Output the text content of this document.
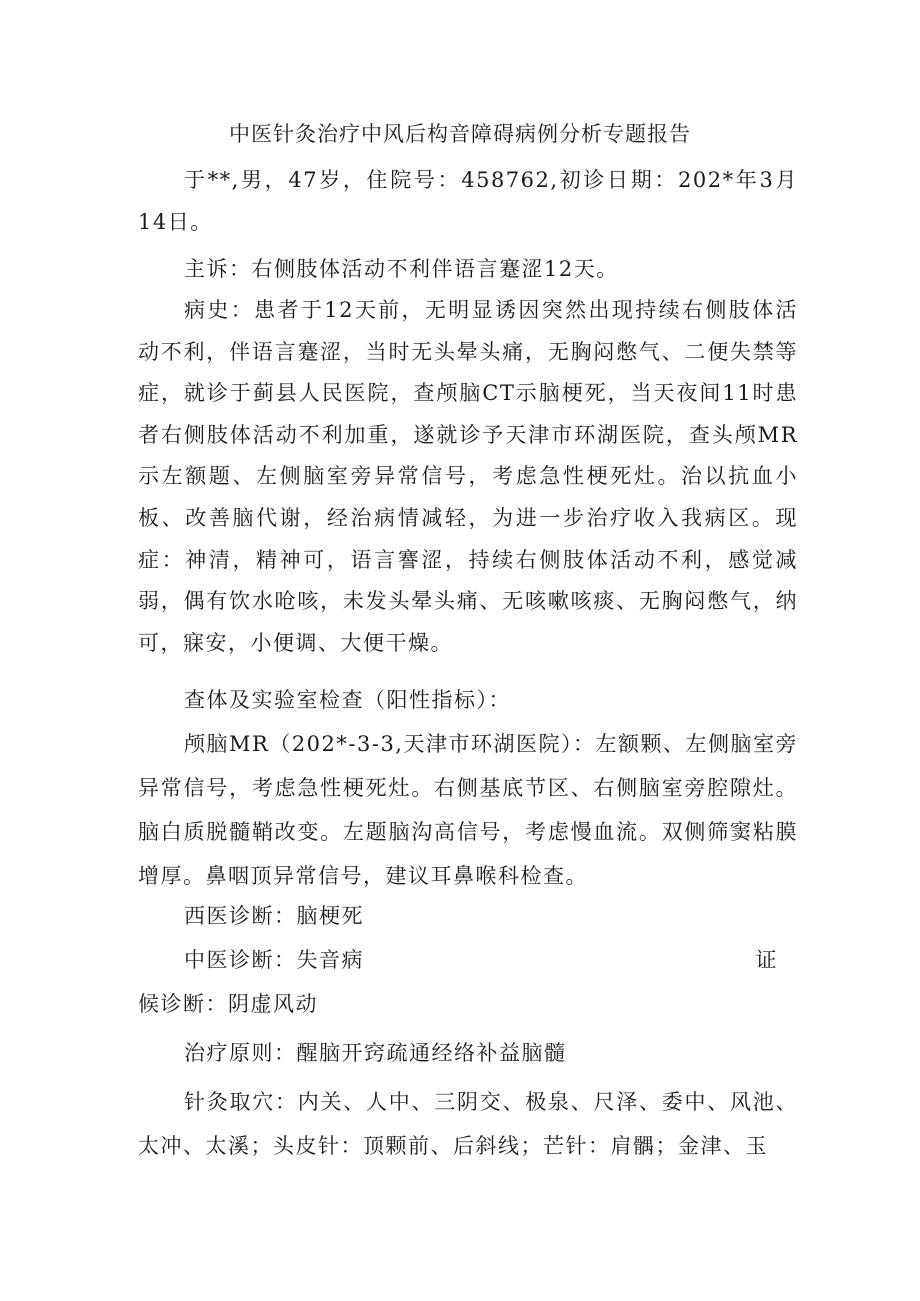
中医针灸治疗中风后构音障碍病例分析专题报告

于**,男，47岁，住院号：458762,初诊日期：202*年3月14日。

主诉：右侧肢体活动不利伴语言蹇涩12天。

病史：患者于12天前，无明显诱因突然出现持续右侧肢体活动不利，伴语言蹇涩，当时无头晕头痛，无胸闷憋气、二便失禁等症，就诊于蓟县人民医院，查颅脑CT示脑梗死，当天夜间11时患者右侧肢体活动不利加重，遂就诊予天津市环湖医院，查头颅MR示左额题、左侧脑室旁异常信号，考虑急性梗死灶。治以抗血小板、改善脑代谢，经治病情减轻，为进一步治疗收入我病区。现症：神清，精神可，语言謇涩，持续右侧肢体活动不利，感觉减弱，偶有饮水呛咳，未发头晕头痛、无咳嗽咳痰、无胸闷憋气，纳可，寐安，小便调、大便干燥。

查体及实验室检查（阳性指标）：

颅脑MR（202*-3-3,天津市环湖医院）：左额颗、左侧脑室旁异常信号，考虑急性梗死灶。右侧基底节区、右侧脑室旁腔隙灶。脑白质脱髓鞘改变。左题脑沟高信号，考虑慢血流。双侧筛窦粘膜增厚。鼻咽顶异常信号，建议耳鼻喉科检查。

西医诊断：脑梗死

中医诊断：失音病	证
候诊断：阴虚风动

治疗原则：醒脑开窍疏通经络补益脑髓

针灸取穴：内关、人中、三阴交、极泉、尺泽、委中、风池、太冲、太溪；头皮针：顶颗前、后斜线；芒针：肩髃；金津、玉
